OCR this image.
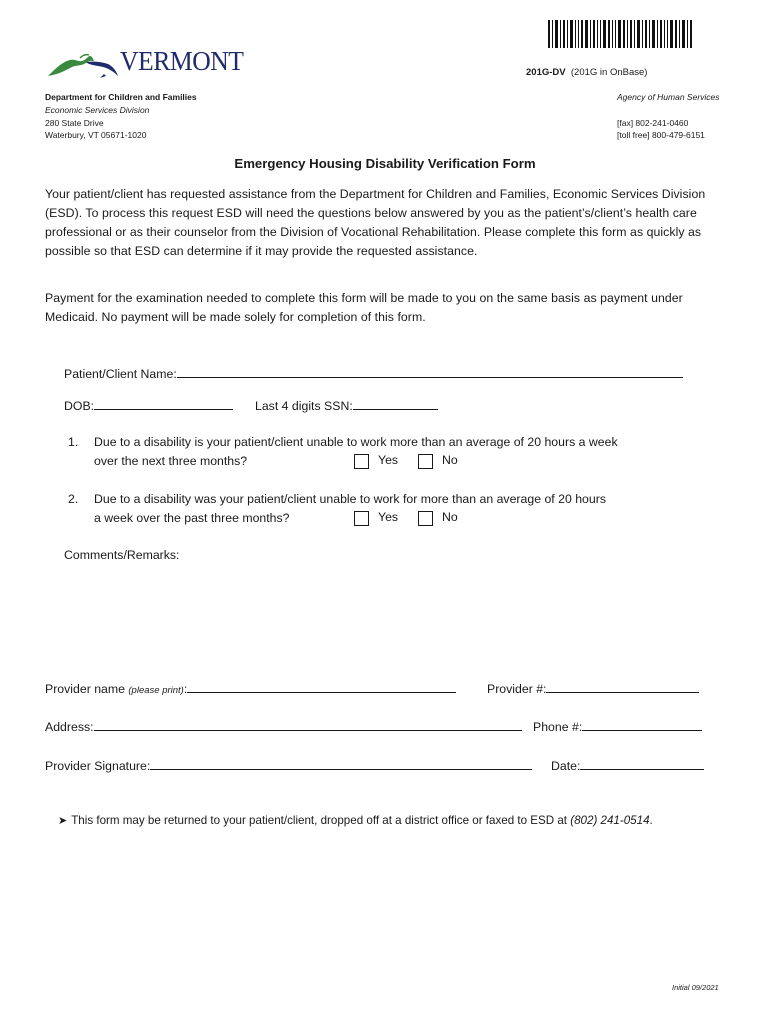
VERMONT	201G-DV (201G in OnBase)
Department for Children and Families
Economic Services Division
280 State Drive
Waterbury, VT 05671-1020
Agency of Human Services

[fax] 802-241-0460
[toll free] 800-479-6151
Emergency Housing Disability Verification Form
Your patient/client has requested assistance from the Department for Children and Families, Economic Services Division (ESD). To process this request ESD will need the questions below answered by you as the patient’s/client’s health care professional or as their counselor from the Division of Vocational Rehabilitation. Please complete this form as quickly as possible so that ESD can determine if it may provide the requested assistance.
Payment for the examination needed to complete this form will be made to you on the same basis as payment under Medicaid. No payment will be made solely for completion of this form.
Patient/Client Name:
DOB:	Last 4 digits SSN:
1. Due to a disability is your patient/client unable to work more than an average of 20 hours a week
over the next three months?	Yes	No
2. Due to a disability was your patient/client unable to work for more than an average of 20 hours
a week over the past three months?	Yes	No
Comments/Remarks:
Provider name (please print):	Provider #:
Address:	Phone #:
Provider Signature:	Date:
➤ This form may be returned to your patient/client, dropped off at a district office or faxed to ESD at (802) 241-0514.
Initial 09/2021
